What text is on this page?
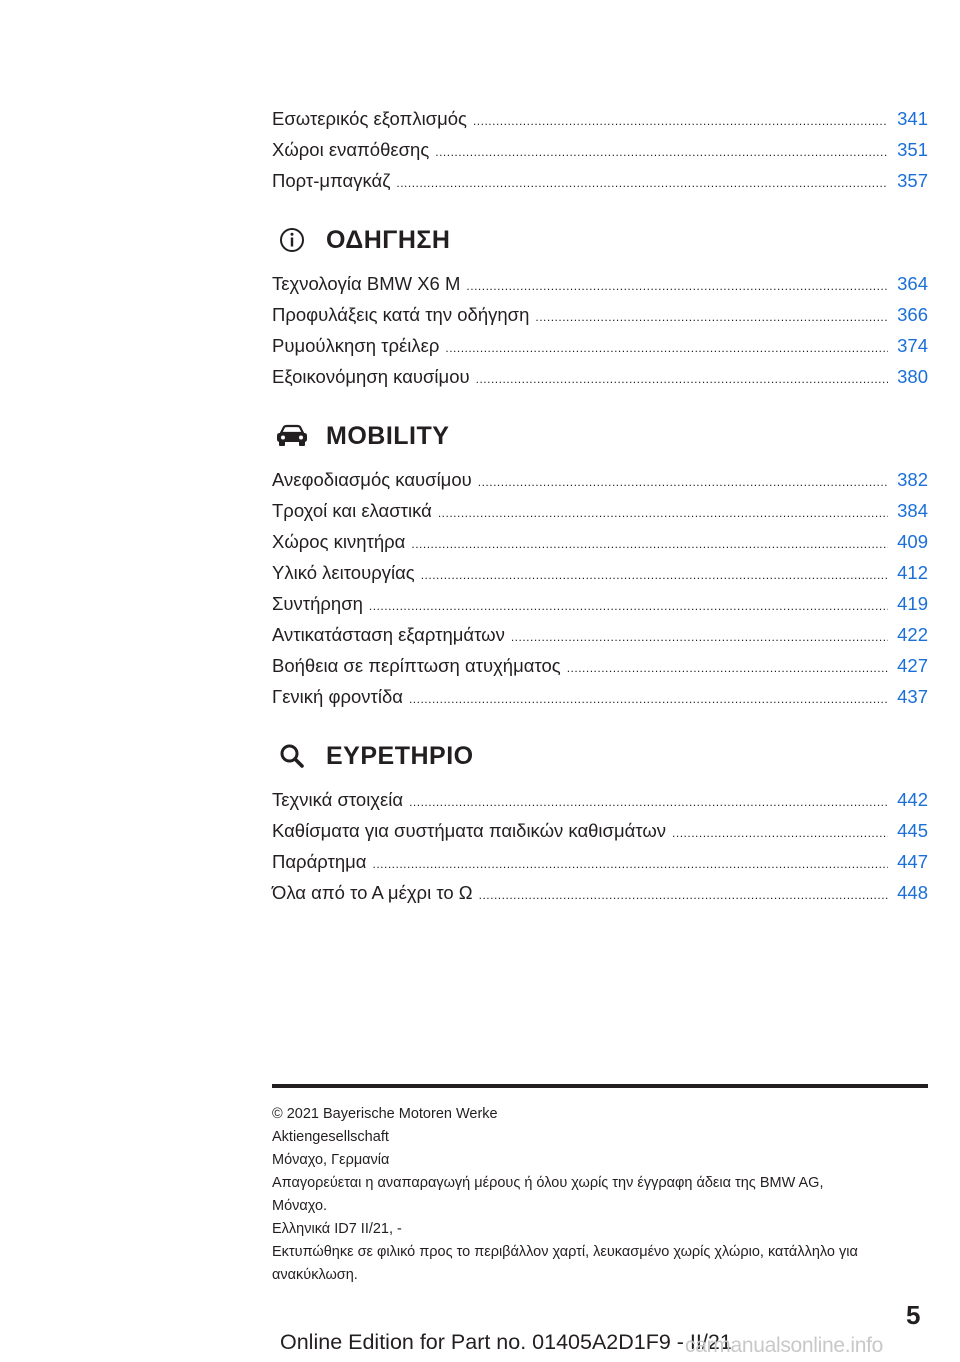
Εσωτερικός εξοπλισμός .....	341
Χώροι εναπόθεσης .....	351
Πορτ-μπαγκάζ .....	357
ΟΔΗΓΗΣΗ
Τεχνολογία BMW X6 M .....	364
Προφυλάξεις κατά την οδήγηση .....	366
Ρυμούλκηση τρέιλερ .....	374
Εξοικονόμηση καυσίμου .....	380
MOBILITY
Ανεφοδιασμός καυσίμου .....	382
Τροχοί και ελαστικά .....	384
Χώρος κινητήρα .....	409
Υλικό λειτουργίας .....	412
Συντήρηση .....	419
Αντικατάσταση εξαρτημάτων .....	422
Βοήθεια σε περίπτωση ατυχήματος .....	427
Γενική φροντίδα .....	437
ΕΥΡΕΤΗΡΙΟ
Τεχνικά στοιχεία .....	442
Καθίσματα για συστήματα παιδικών καθισμάτων .....	445
Παράρτημα .....	447
Όλα από το Α μέχρι το Ω .....	448
© 2021 Bayerische Motoren Werke
Aktiengesellschaft
Μόναχο, Γερμανία
Απαγορεύεται η αναπαραγωγή μέρους ή όλου χωρίς την έγγραφη άδεια της BMW AG,
Μόναχο.
Ελληνικά ID7 II/21, -
Εκτυπώθηκε σε φιλικό προς το περιβάλλον χαρτί, λευκασμένο χωρίς χλώριο, κατάλληλο για
ανακύκλωση.
5
Online Edition for Part no. 01405A2D1F9 - II/21
carmanualsonline.info
